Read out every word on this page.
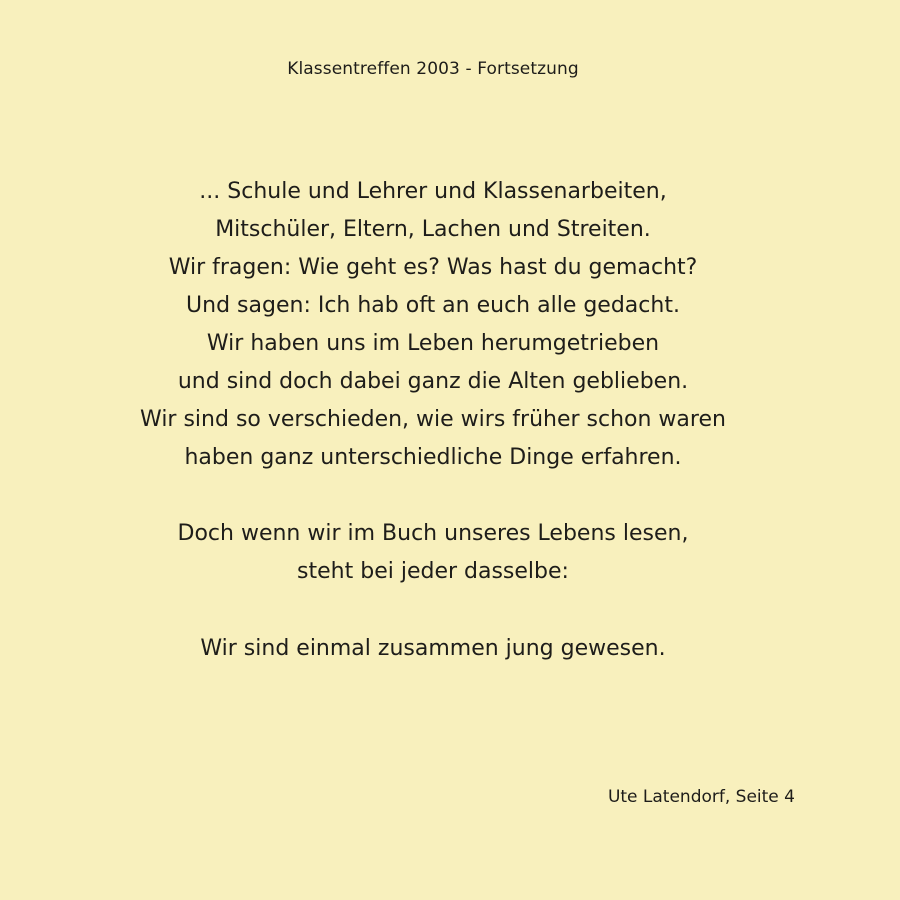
Klassentreffen 2003 - Fortsetzung
... Schule und Lehrer und Klassenarbeiten,
Mitschüler, Eltern, Lachen und Streiten.
Wir fragen: Wie geht es? Was hast du gemacht?
Und sagen: Ich hab oft an euch alle gedacht.
Wir haben uns im Leben herumgetrieben
und sind doch dabei ganz die Alten geblieben.
Wir sind so verschieden, wie wirs früher schon waren
haben ganz unterschiedliche Dinge erfahren.
Doch wenn wir im Buch unseres Lebens lesen,
steht bei jeder dasselbe:
Wir sind einmal zusammen jung gewesen.
Ute Latendorf, Seite 4
